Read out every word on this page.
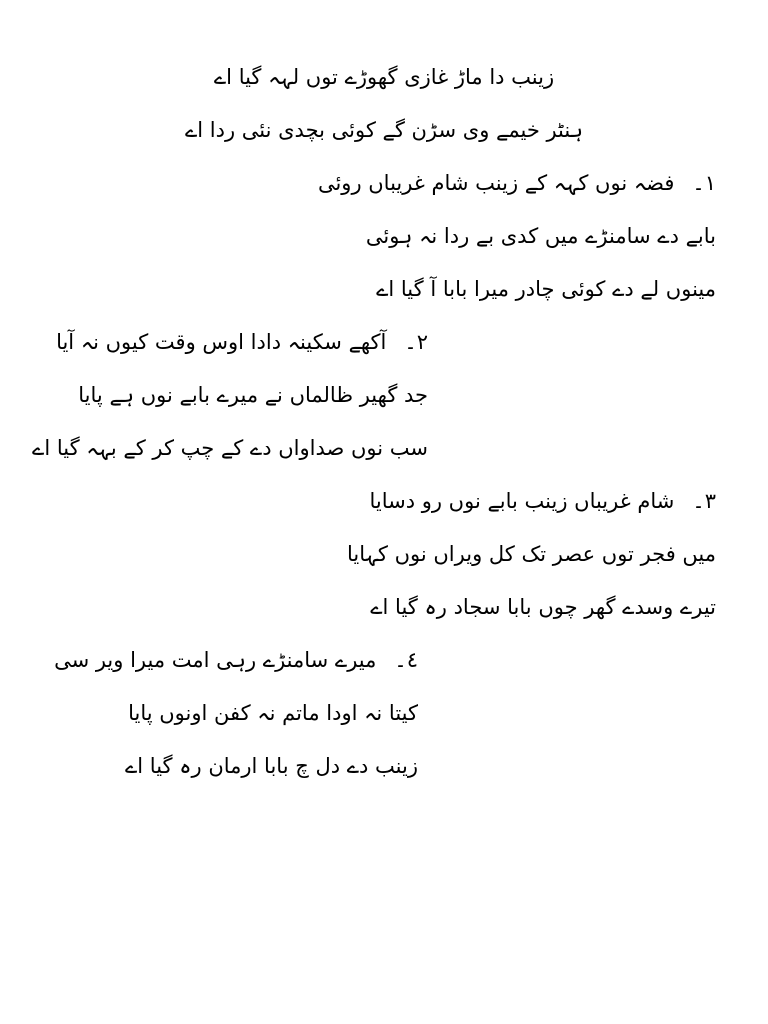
زینب دا ماڑ غازی گھوڑے توں لہہ گیا اے
ہنٹر خیمے وی سڑن گے کوئی بچدی نئی ردا اے
١۔فضہ نوں کہہ کے زینب شام غریباں روئی
بابے دے سامنڑے میں کدی بے ردا نہ ہوئی
مینوں لے دے کوئی چادر میرا بابا آ گیا اے
٢۔آکھے سکینہ دادا اوس وقت کیوں نہ آیا
جد گھیر ظالماں نے میرے بابے نوں ہے پایا
سب نوں صداواں دے کے چپ کر کے بہہ گیا اے
٣۔شام غریباں زینب بابے نوں رو دسایا
میں فجر توں عصر تک کل ویراں نوں کہایا
تیرے وسدے گھر چوں بابا سجاد رہ گیا اے
٤۔میرے سامنڑے رہی امت میرا ویر سی
کیتا نہ اودا ماتم نہ کفن اونوں پایا
زینب دے دل چ بابا ارمان رہ گیا اے
